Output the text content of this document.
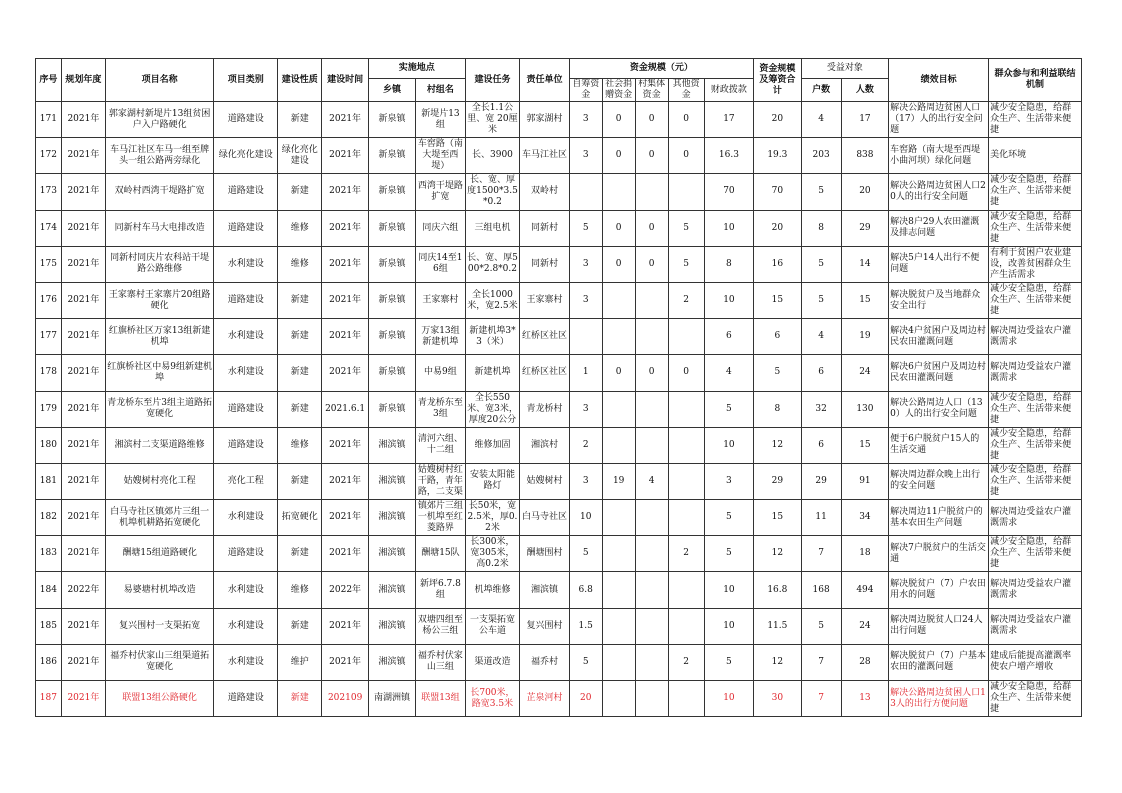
序号	规划年度	项目名称	项目类别	建设性质	建设时间	实施地点		建设任务	责任单位	资金规模（元）					资金规模及筹资合计	受益对象		绩效目标	群众参与和利益联结机制
						乡镇	村组名			自筹资金	社会捐赠资金	村集体资金	其他资金	财政拨款		户数	人数		
171	2021年	郭家湖村新堤片13组贫困户入户路硬化	道路建设	新建	2021年	新泉镇	新堤片13组	全长1.1公里、宽 20厘米	郭家湖村	3	0	0	0	17	20	4	17	解决公路周边贫困人口（17）人的出行安全问题	减少安全隐患，给群众生产、生活带来便捷
172	2021年	车马江社区车马一组至牌头一组公路两旁绿化	绿化亮化建设	绿化亮化建设	2021年	新泉镇	车窖路（南大堤至西堤）	长、3900	车马江社区	3	0	0	0	16.3	19.3	203	838	车窖路（南大堤至西堤小曲河坝）绿化问题	美化环境
173	2021年	双岭村西湾干堤路扩宽	道路建设	新建	2021年	新泉镇	西湾干堤路扩宽	长、宽、厚度1500*3.5*0.2	双岭村					70	70	5	20	解决公路周边贫困人口20人的出行安全问题	减少安全隐患，给群众生产、生活带来便捷
174	2021年	同新村车马大电排改造	道路建设	维修	2021年	新泉镇	同庆六组	三组电机	同新村	5	0	0	5	10	20	8	29	解决8户29人农田灌溉及排志问题	减少安全隐患，给群众生产、生活带来便捷
175	2021年	同新村同庆片农科站干堤路公路维修	水利建设	维修	2021年	新泉镇	同庆14至16组	长、宽、厚500*2.8*0.2	同新村	3	0	0	5	8	16	5	14	解决5户14人出行不便问题	有利于贫困户农业建设，改善贫困群众生产生活需求
176	2021年	王家寨村王家寨片20组路硬化	道路建设	新建	2021年	新泉镇	王家寨村	全长1000米，宽2.5米	王家寨村	3			2	10	15	5	15	解决脱贫户及当地群众安全出行	减少安全隐患，给群众生产、生活带来便捷
177	2021年	红旗桥社区万家13组新建机埠	水利建设	新建	2021年	新泉镇	万家13组新建机埠	新建机埠3*3（米）	红桥区社区					6	6	4	19	解决4户贫困户及周边村民农田灌溉问题	解决周边受益农户灌溉需求
178	2021年	红旗桥社区中易9组新建机埠	水利建设	新建	2021年	新泉镇	中易9组	新建机埠	红桥区社区	1	0	0	0	4	5	6	24	解决6户贫困户及周边村民农田灌溉问题	解决周边受益农户灌溉需求
179	2021年	青龙桥东至片3组主道路拓宽硬化	道路建设	新建	2021.6.1	新泉镇	青龙桥东至3组	全长550米、宽3米，厚度20公分	青龙桥村	3				5	8	32	130	解决公路周边人口（130）人的出行安全问题	减少安全隐患，给群众生产、生活带来便捷
180	2021年	湘滨村二支渠道路维修	道路建设	维修	2021年	湘滨镇	清河六组、十二组	维修加固	湘滨村	2				10	12	6	15	便于6户脱贫户15人的生活交通	减少安全隐患，给群众生产、生活带来便捷
181	2021年	姑嫂树村亮化工程	亮化工程	新建	2021年	湘滨镇	姑嫂树村红干路，青年路，二支渠	安装太阳能路灯	姑嫂树村	3	19	4		3	29	29	91	解决周边群众晚上出行的安全问题	减少安全隐患，给群众生产、生活带来便捷
182	2021年	白马寺社区镇郊片三组一机埠机耕路拓宽硬化	水利建设	拓宽硬化	2021年	湘滨镇	镇郊片三组一机埠至红菱路界	长50米，宽2.5米，厚0.2米	白马寺社区	10				5	15	11	34	解决周边11户脱贫户的基本农田生产问题	解决周边受益农户灌溉需求
183	2021年	酬塘15组道路硬化	道路建设	新建	2021年	湘滨镇	酬塘15队	长300米，宽305米，高0.2米	酬塘围村	5			2	5	12	7	18	解决7户脱贫户的生活交通	减少安全隐患，给群众生产、生活带来便捷
184	2022年	易婆塘村机埠改造	水利建设	维修	2022年	湘滨镇	新坪6.7.8组	机埠维修	湘滨镇	6.8				10	16.8	168	494	解决脱贫户（7）户农田用水的问题	解决周边受益农户灌溉需求
185	2021年	复兴围村一支渠拓宽	水利建设	新建	2021年	湘滨镇	双塘四组至杨公三组	一支渠拓宽公车道	复兴围村	1.5				10	11.5	5	24	解决周边脱贫人口24人出行问题	解决周边受益农户灌溉需求
186	2021年	福乔村伏家山三组渠道拓宽硬化	水利建设	维护	2021年	湘滨镇	福乔村伏家山三组	渠道改造	福乔村	5			2	5	12	7	28	解决脱贫户（7）户基本农田的灌溉问题	建成后能提高灌溉率使农户增产增收
187	2021年	联盟13组公路硬化	道路建设	新建	202109	南湖洲镇	联盟13组	长700米，路宽3.5米	芷泉河村	20				10	30	7	13	解决公路周边贫困人口13人的出行方便问题	减少安全隐患，给群众生产、生活带来便捷
